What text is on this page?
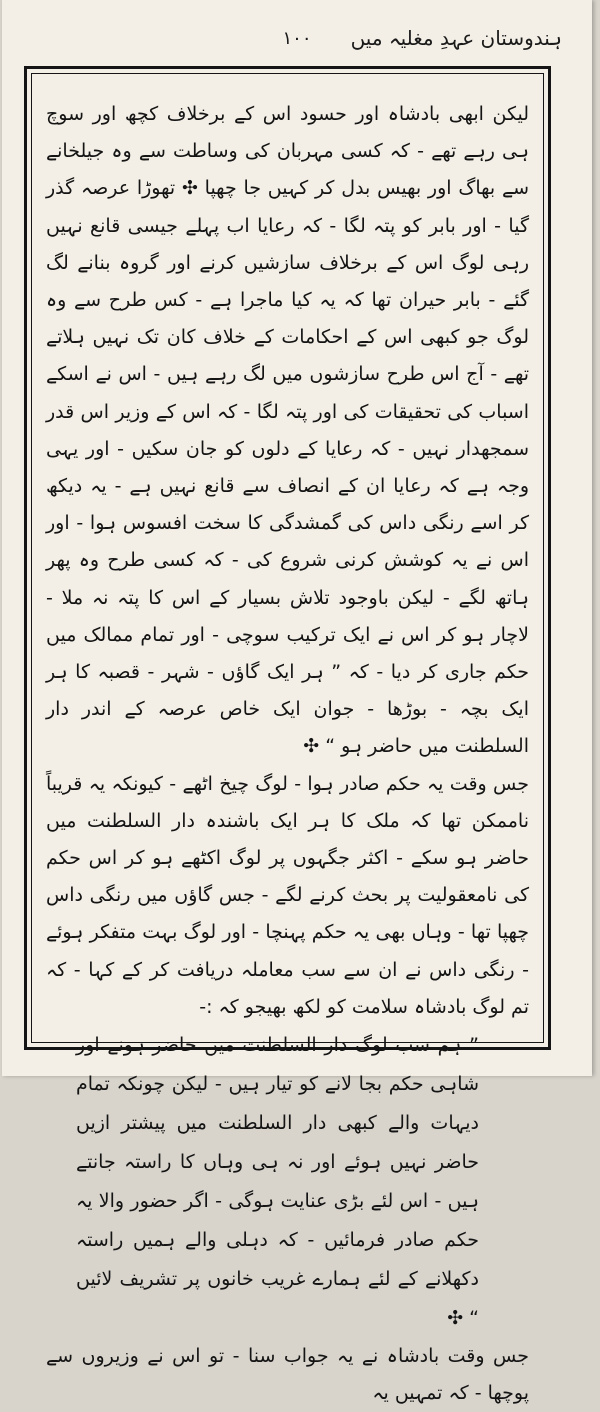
ہندوستان عہدِ مغلیہ میں
۱۰۰

لیکن ابھی بادشاہ اور حسود اس کے برخلاف کچھ اور سوچ ہی رہے تھے - کہ کسی مہربان کی وساطت سے وہ جیلخانے سے بھاگ اور بھیس بدل کر کہیں جا چھپا ✣ تھوڑا عرصہ گذر گیا - اور بابر کو پتہ لگا - کہ رعایا اب پہلے جیسی قانع نہیں رہی لوگ اس کے برخلاف سازشیں کرنے اور گروہ بنانے لگ گئے - بابر حیران تھا کہ یہ کیا ماجرا ہے - کس طرح سے وہ لوگ جو کبھی اس کے احکامات کے خلاف کان تک نہیں ہلاتے تھے - آج اس طرح سازشوں میں لگ رہے ہیں - اس نے اسکے اسباب کی تحقیقات کی اور پتہ لگا - کہ اس کے وزیر اس قدر سمجھدار نہیں - کہ رعایا کے دلوں کو جان سکیں - اور یہی وجہ ہے کہ رعایا ان کے انصاف سے قانع نہیں ہے - یہ دیکھ کر اسے رنگی داس کی گمشدگی کا سخت افسوس ہوا - اور اس نے یہ کوشش کرنی شروع کی - کہ کسی طرح وہ پھر ہاتھ لگے - لیکن باوجود تلاش بسیار کے اس کا پتہ نہ ملا - لاچار ہو کر اس نے ایک ترکیب سوچی - اور تمام ممالک میں حکم جاری کر دیا - کہ ” ہر ایک گاؤں - شہر - قصبہ کا ہر ایک بچہ - بوڑھا - جوان ایک خاص عرصہ کے اندر دار السلطنت میں حاضر ہو “ ✣

جس وقت یہ حکم صادر ہوا - لوگ چیخ اٹھے - کیونکہ یہ قریباً ناممکن تھا کہ ملک کا ہر ایک باشندہ دار السلطنت میں حاضر ہو سکے - اکثر جگہوں پر لوگ اکٹھے ہو کر اس حکم کی نامعقولیت پر بحث کرنے لگے - جس گاؤں میں رنگی داس چھپا تھا - وہاں بھی یہ حکم پہنچا - اور لوگ بہت متفکر ہوئے - رنگی داس نے ان سے سب معاملہ دریافت کر کے کہا - کہ تم لوگ بادشاہ سلامت کو لکھ بھیجو کہ :-

” ہم سب لوگ دار السلطنت میں حاضر ہونے اور شاہی حکم بجا لانے کو تیار ہیں - لیکن چونکہ تمام دیہات والے کبھی دار السلطنت میں پیشتر ازیں حاضر نہیں ہوئے اور نہ ہی وہاں کا راستہ جانتے ہیں - اس لئے بڑی عنایت ہوگی - اگر حضور والا یہ حکم صادر فرمائیں - کہ دہلی والے ہمیں راستہ دکھلانے کے لئے ہمارے غریب خانوں پر تشریف لائیں “ ✣

جس وقت بادشاہ نے یہ جواب سنا - تو اس نے وزیروں سے پوچھا - کہ تمہیں یہ
